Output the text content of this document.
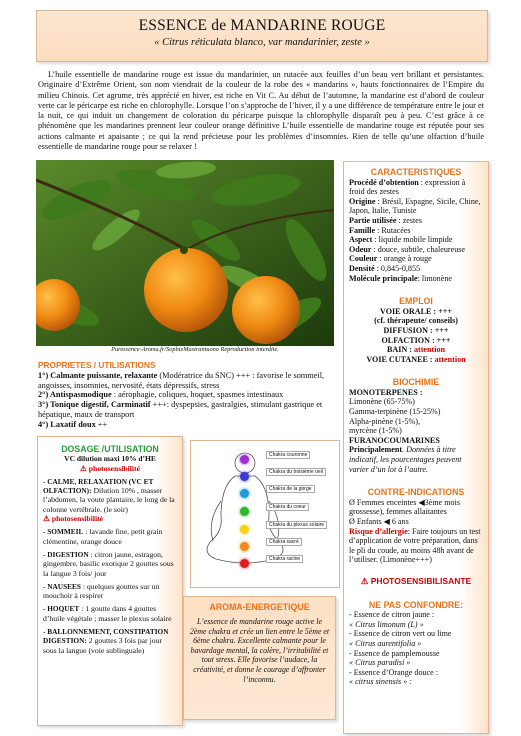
ESSENCE de MANDARINE ROUGE
« Citrus réticulata blanco, var mandarinier, zeste »
L’huile essentielle de mandarine rouge est issue du mandarinier, un rutacée aux feuilles d’un beau vert brillant et persistantes. Originaire d’Extrême Orient, son nom viendrait de la couleur de la robe des « mandarins », hauts fonctionnaires de l’Empire du milieu Chinois. Cet agrume, très apprécié en hiver, est riche en Vit C. Au début de l’automne, la mandarine est d’abord de couleur verte car le péricarpe est riche en chlorophylle. Lorsque l’on s’approche de l’hiver, il y a une différence de température entre le jour et la nuit, ce qui induit un changement de coloration du péricarpe puisque la chlorophylle disparaît peu à peu. C’est grâce à ce phénomène que les mandarines prennent leur couleur orange définitive L’huile essentielle de mandarine rouge est réputée pour ses actions calmante et apaisante ; ce qui la rend précieuse pour les problèmes d’insomnies. Rien de telle qu’une olfaction d’huile essentielle de mandarine rouge pour se relaxer !
Puressence-Aroma.fr/SophieMastrantuono Reproduction interdite.
PROPRIETES / UTILISATIONS
1°) Calmante puissante, relaxante (Modératrice du SNC) +++ : favorise le sommeil, angoisses, insomnies, nervosité, états dépressifs, stress
2°) Antispasmodique : aérophagie, coliques, hoquet, spasmes intestinaux
3°) Tonique digestif, Carminatif +++: dyspepsies, gastralgies, stimulant gastrique et hépatique, maux de transport
4°) Laxatif doux ++
DOSAGE /UTILISATION
VC dilution maxi 10% d’HE
⚠ photosensibilité
- CALME, RELAXATION (VC ET OLFACTION): Dilution 10% , masser l’abdomen, la voute plantaire, le long de la colonne vertébrale. (le soir)
⚠ photosensibilité
- SOMMEIL : lavande fine, petit grain clémentine, orange douce
- DIGESTION : citron jaune, estragon, gingembre, basilic exotique 2 gouttes sous la langue 3 fois/ jour
- NAUSEES : quelques gouttes sur un mouchoir à respirer
- HOQUET : 1 goutte dans 4 gouttes d’huile végétale ; masser le plexus solaire
- BALLONNEMENT, CONSTIPATION DIGESTION: 2 gouttes 3 fois par jour sous la langue (voie sublinguale)
Chakra couronne
Chakra du troisième oeil
Chakra de la gorge
Chakra du coeur
Chakra du plexus solaire
Chakra sacré
Chakra racine
AROMA-ENERGETIQUE
L’essence de mandarine rouge active le 2ème chakra et crée un lien entre le 5ème et 6ème chakra. Excellente calmante pour le bavardage mental, la colère, l’irritabilité et tout stress. Elle favorise l’audace, la créativité, et donne le courage d’affronter l’inconnu.
CARACTERISTIQUES
Procédé d’obtention : expression à froid des zestes
Origine : Brésil, Espagne, Sicile, Chine, Japon, Italie, Tunisie
Partie utilisée : zestes
Famille : Rutacées
Aspect : liquide mobile limpide
Odeur : douce, subtile, chaleureuse
Couleur : orange à rouge
Densité : 0,845-0,855
Molécule principale: limonène
EMPLOI
VOIE ORALE : +++
(cf. thérapeute/ conseils)
DIFFUSION : +++
OLFACTION : +++
BAIN : attention
VOIE CUTANEE : attention
BIOCHIMIE
MONOTERPENES :
Limonène (65-75%)
Gamma-terpinène (15-25%)
Alpha-pinène (1-5%),
myrcène (1-5%)
FURANOCOUMARINES
Principalement. Données à titre indicatif, les pourcentages peuvent varier d’un lot à l’autre.
CONTRE-INDICATIONS
Ø Femmes enceintes ◀3ème mois grossesse), femmes allaitantes
Ø Enfants ◀ 6 ans
Risque d’allergie: Faire toujours un test d’application de votre préparation, dans le pli du coude, au moins 48h avant de l’utiliser. (Limonène+++)
⚠ PHOTOSENSIBILISANTE
NE PAS CONFONDRE:
- Essence de citron jaune :
« Citrus limonum (L) »
- Essence de citron vert ou lime
« Citrus aurentifolia »
- Essence de pamplemousse
« Citrus paradisi »
- Essence d’Orange douce :
« citrus sinensis » :
